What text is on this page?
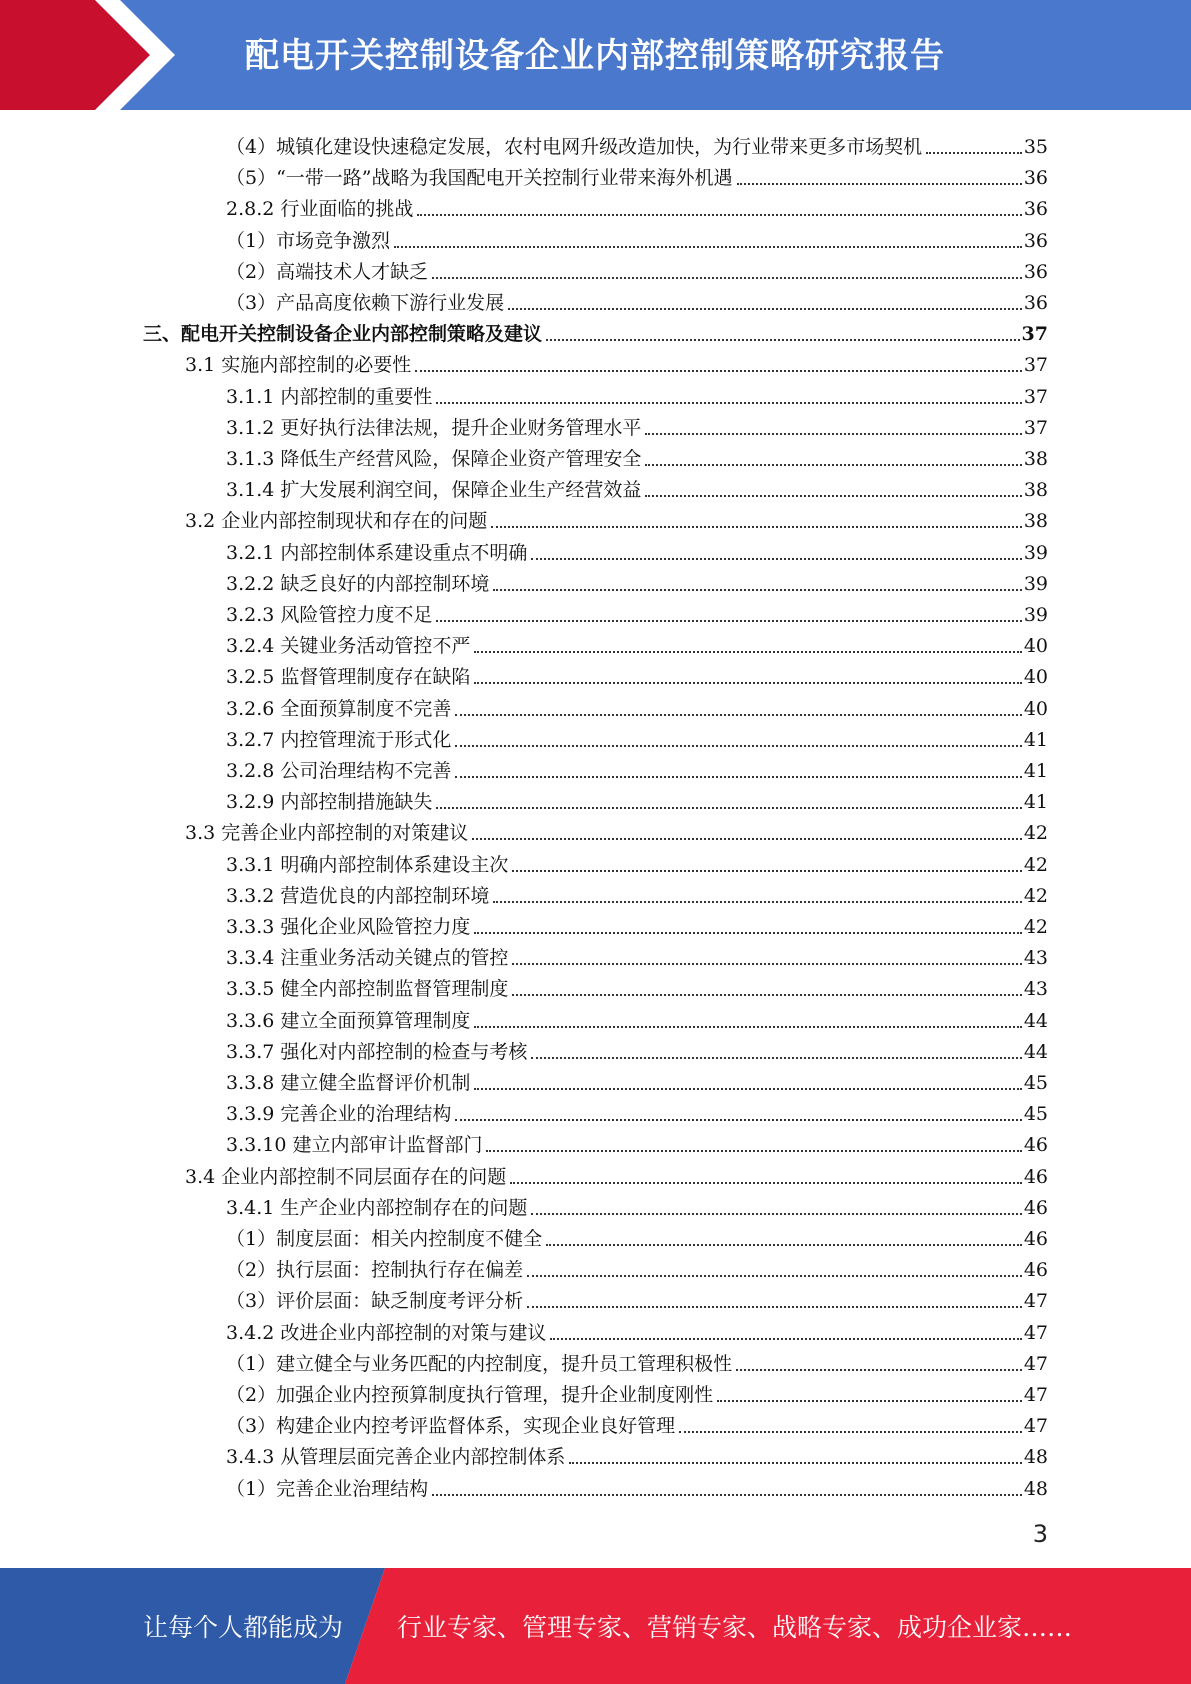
配电开关控制设备企业内部控制策略研究报告
（4）城镇化建设快速稳定发展，农村电网升级改造加快，为行业带来更多市场契机	35
（5）“一带一路”战略为我国配电开关控制行业带来海外机遇	36
2.8.2 行业面临的挑战	36
（1）市场竞争激烈	36
（2）高端技术人才缺乏	36
（3）产品高度依赖下游行业发展	36
三、配电开关控制设备企业内部控制策略及建议	37
3.1 实施内部控制的必要性	37
3.1.1 内部控制的重要性	37
3.1.2 更好执行法律法规，提升企业财务管理水平	37
3.1.3 降低生产经营风险，保障企业资产管理安全	38
3.1.4 扩大发展利润空间，保障企业生产经营效益	38
3.2 企业内部控制现状和存在的问题	38
3.2.1 内部控制体系建设重点不明确	39
3.2.2 缺乏良好的内部控制环境	39
3.2.3 风险管控力度不足	39
3.2.4 关键业务活动管控不严	40
3.2.5 监督管理制度存在缺陷	40
3.2.6 全面预算制度不完善	40
3.2.7 内控管理流于形式化	41
3.2.8 公司治理结构不完善	41
3.2.9 内部控制措施缺失	41
3.3 完善企业内部控制的对策建议	42
3.3.1 明确内部控制体系建设主次	42
3.3.2 营造优良的内部控制环境	42
3.3.3 强化企业风险管控力度	42
3.3.4 注重业务活动关键点的管控	43
3.3.5 健全内部控制监督管理制度	43
3.3.6 建立全面预算管理制度	44
3.3.7 强化对内部控制的检查与考核	44
3.3.8 建立健全监督评价机制	45
3.3.9 完善企业的治理结构	45
3.3.10 建立内部审计监督部门	46
3.4 企业内部控制不同层面存在的问题	46
3.4.1 生产企业内部控制存在的问题	46
（1）制度层面：相关内控制度不健全	46
（2）执行层面：控制执行存在偏差	46
（3）评价层面：缺乏制度考评分析	47
3.4.2 改进企业内部控制的对策与建议	47
（1）建立健全与业务匹配的内控制度，提升员工管理积极性	47
（2）加强企业内控预算制度执行管理，提升企业制度刚性	47
（3）构建企业内控考评监督体系，实现企业良好管理	47
3.4.3 从管理层面完善企业内部控制体系	48
（1）完善企业治理结构	48
3
让每个人都能成为 行业专家、管理专家、营销专家、战略专家、成功企业家……
